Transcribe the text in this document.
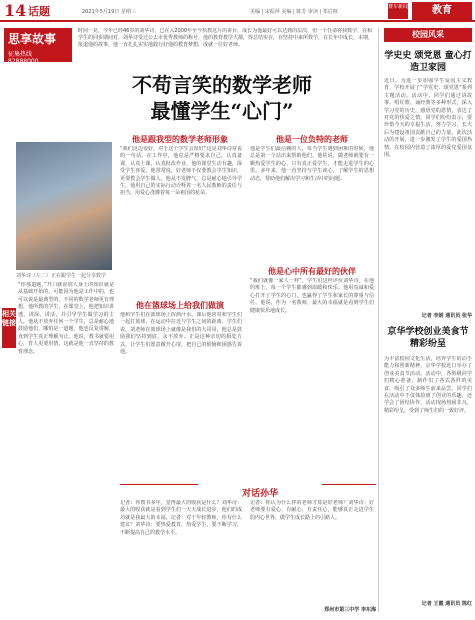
14 话题	2021年5月19日 星期三	美编 | 宋振萍 美编 | 陈芳 审读 | 郑启权
赛车新闻	教育
思享故事
征集热线
82888000
时间一晃，今年已经46岁的刘华诗，已在入2000年至今执教这片的讲台，成长为他最好可以达到的层次，但一个任命将我数学，在和学生的同步期间对，刘华诗受过公去市优秀教师的称号，他的教育教学大都，得总结实在，在坚持中来所数学，在长年中成长，本期，报道他的故事，他一直扎扎实实地践行好他的教育梦想，成就一位好老师。
不苟言笑的数学老师
最懂学生“心门”
刘华诗（左二）正在跟学生一起分享数学
相关链接
“你那道题，”开口就说别人身上的知识就是从基础开始的，可能因为他是工作中的，也可以说是最典型的，不同的数学老师更有理想，他所教的学生，在课堂上，他把知识讲透、讲深、讲活，并引导学生做学习的主人，他从不放弃任何一个学生，总是耐心地鼓励他们，哪怕是一道题，他也反复讲解，直到学生真正理解为止。他说，教书就要用心，育人更要用情，这就是他一直坚持的教育理念。
他是跟我型的数学老师形象
“我们这边很好，对于这个学生会很好”这是刘华诗常说的一句话。在工作中，他总是严格要求自己，认真备课，认真上课，认真批改作业，他的课堂生动有趣，深受学生喜爱。他常常说，好老师不仅要教会学生知识，更要教会学生做人。他从不发脾气，总是耐心地引导学生，他用自己的实际行动诠释着一名人民教师的责任与担当，用爱心浇灌着每一朵祖国的花朵。
他在篮球场上给我们做演
他和学生们在篮球场上挥洒汗水，课后他常常和学生们一起打篮球，在运动中拉近与学生之间的距离。学生们说，刘老师在篮球场上就像是我们的大哥哥，他总是鼓励我们坚持到底，永不放弃。正是这种亲切的相处方式，让学生们愿意敞开心扉，把自己的烦恼和困惑告诉他。
他是一位负特的老师
他是学生们最信赖的人，每当学生遇到困难的时候，他总是第一个站出来帮助他们。他常说，做老师就要有一颗热爱学生的心，只有真正爱学生，才能走进学生的心里。多年来，他一直坚持与学生谈心，了解学生的思想动态，帮助他们解决学习和生活中的问题。
他是心中所有最好的伙伴
“我们就像一家人一样”，学生们这样评价刘华诗。在他的班上，每一个学生都感到温暖和快乐。他用真诚和爱心打开了学生的心门，也赢得了学生和家长的尊重与信任。他说，作为一名教师，最大的幸福就是看到学生们健康快乐地成长。
对话孙华
记者：你教书多年，觉得最大的收获是什么？刘华诗：最大的收获就是看到学生们一天天成长进步，他们的成功就是我最大的幸福。记者：对于年轻教师，你有什么建议？刘华诗：要热爱教育，热爱学生，要不断学习，不断提高自己的教学水平。
记者：你认为什么样的老师才算是好老师？刘华诗：好老师要有爱心、有耐心、有责任心，能够真正走进学生的内心世界，做学生成长路上的引路人。
郑州市第三中学 李东海
校园风采
学史史 颂党恩 童心打造卫家园
近日，为进一步加强学生爱国主义教育，学校开展了“学党史、颂党恩”系列主题活动。活动中，同学们通过讲故事、唱红歌、诵经典等多种形式，深入学习党的历史，感悟党的恩情，表达了对党的热爱之情。同学们纷纷表示，要珍惜今天的幸福生活，努力学习，长大后为建设祖国贡献自己的力量。此次活动的开展，进一步激发了学生的爱国热情，在校园内营造了浓厚的爱党爱国氛围。
记者 李娟 通讯员 张华
京华学校创业美食节 精彩纷呈
为丰富校园文化生活，培养学生的动手能力和创新精神，京华学校近日举办了创业美食节活动。活动中，各班级同学们精心准备，制作出了各式各样的美食，吸引了众多师生前来品尝。同学们在活动中不仅体验到了创业的乐趣，还学会了团结协作，活动现场热闹非凡，精彩纷呈，受到了师生们的一致好评。
记者 王霞 通讯员 陈红
